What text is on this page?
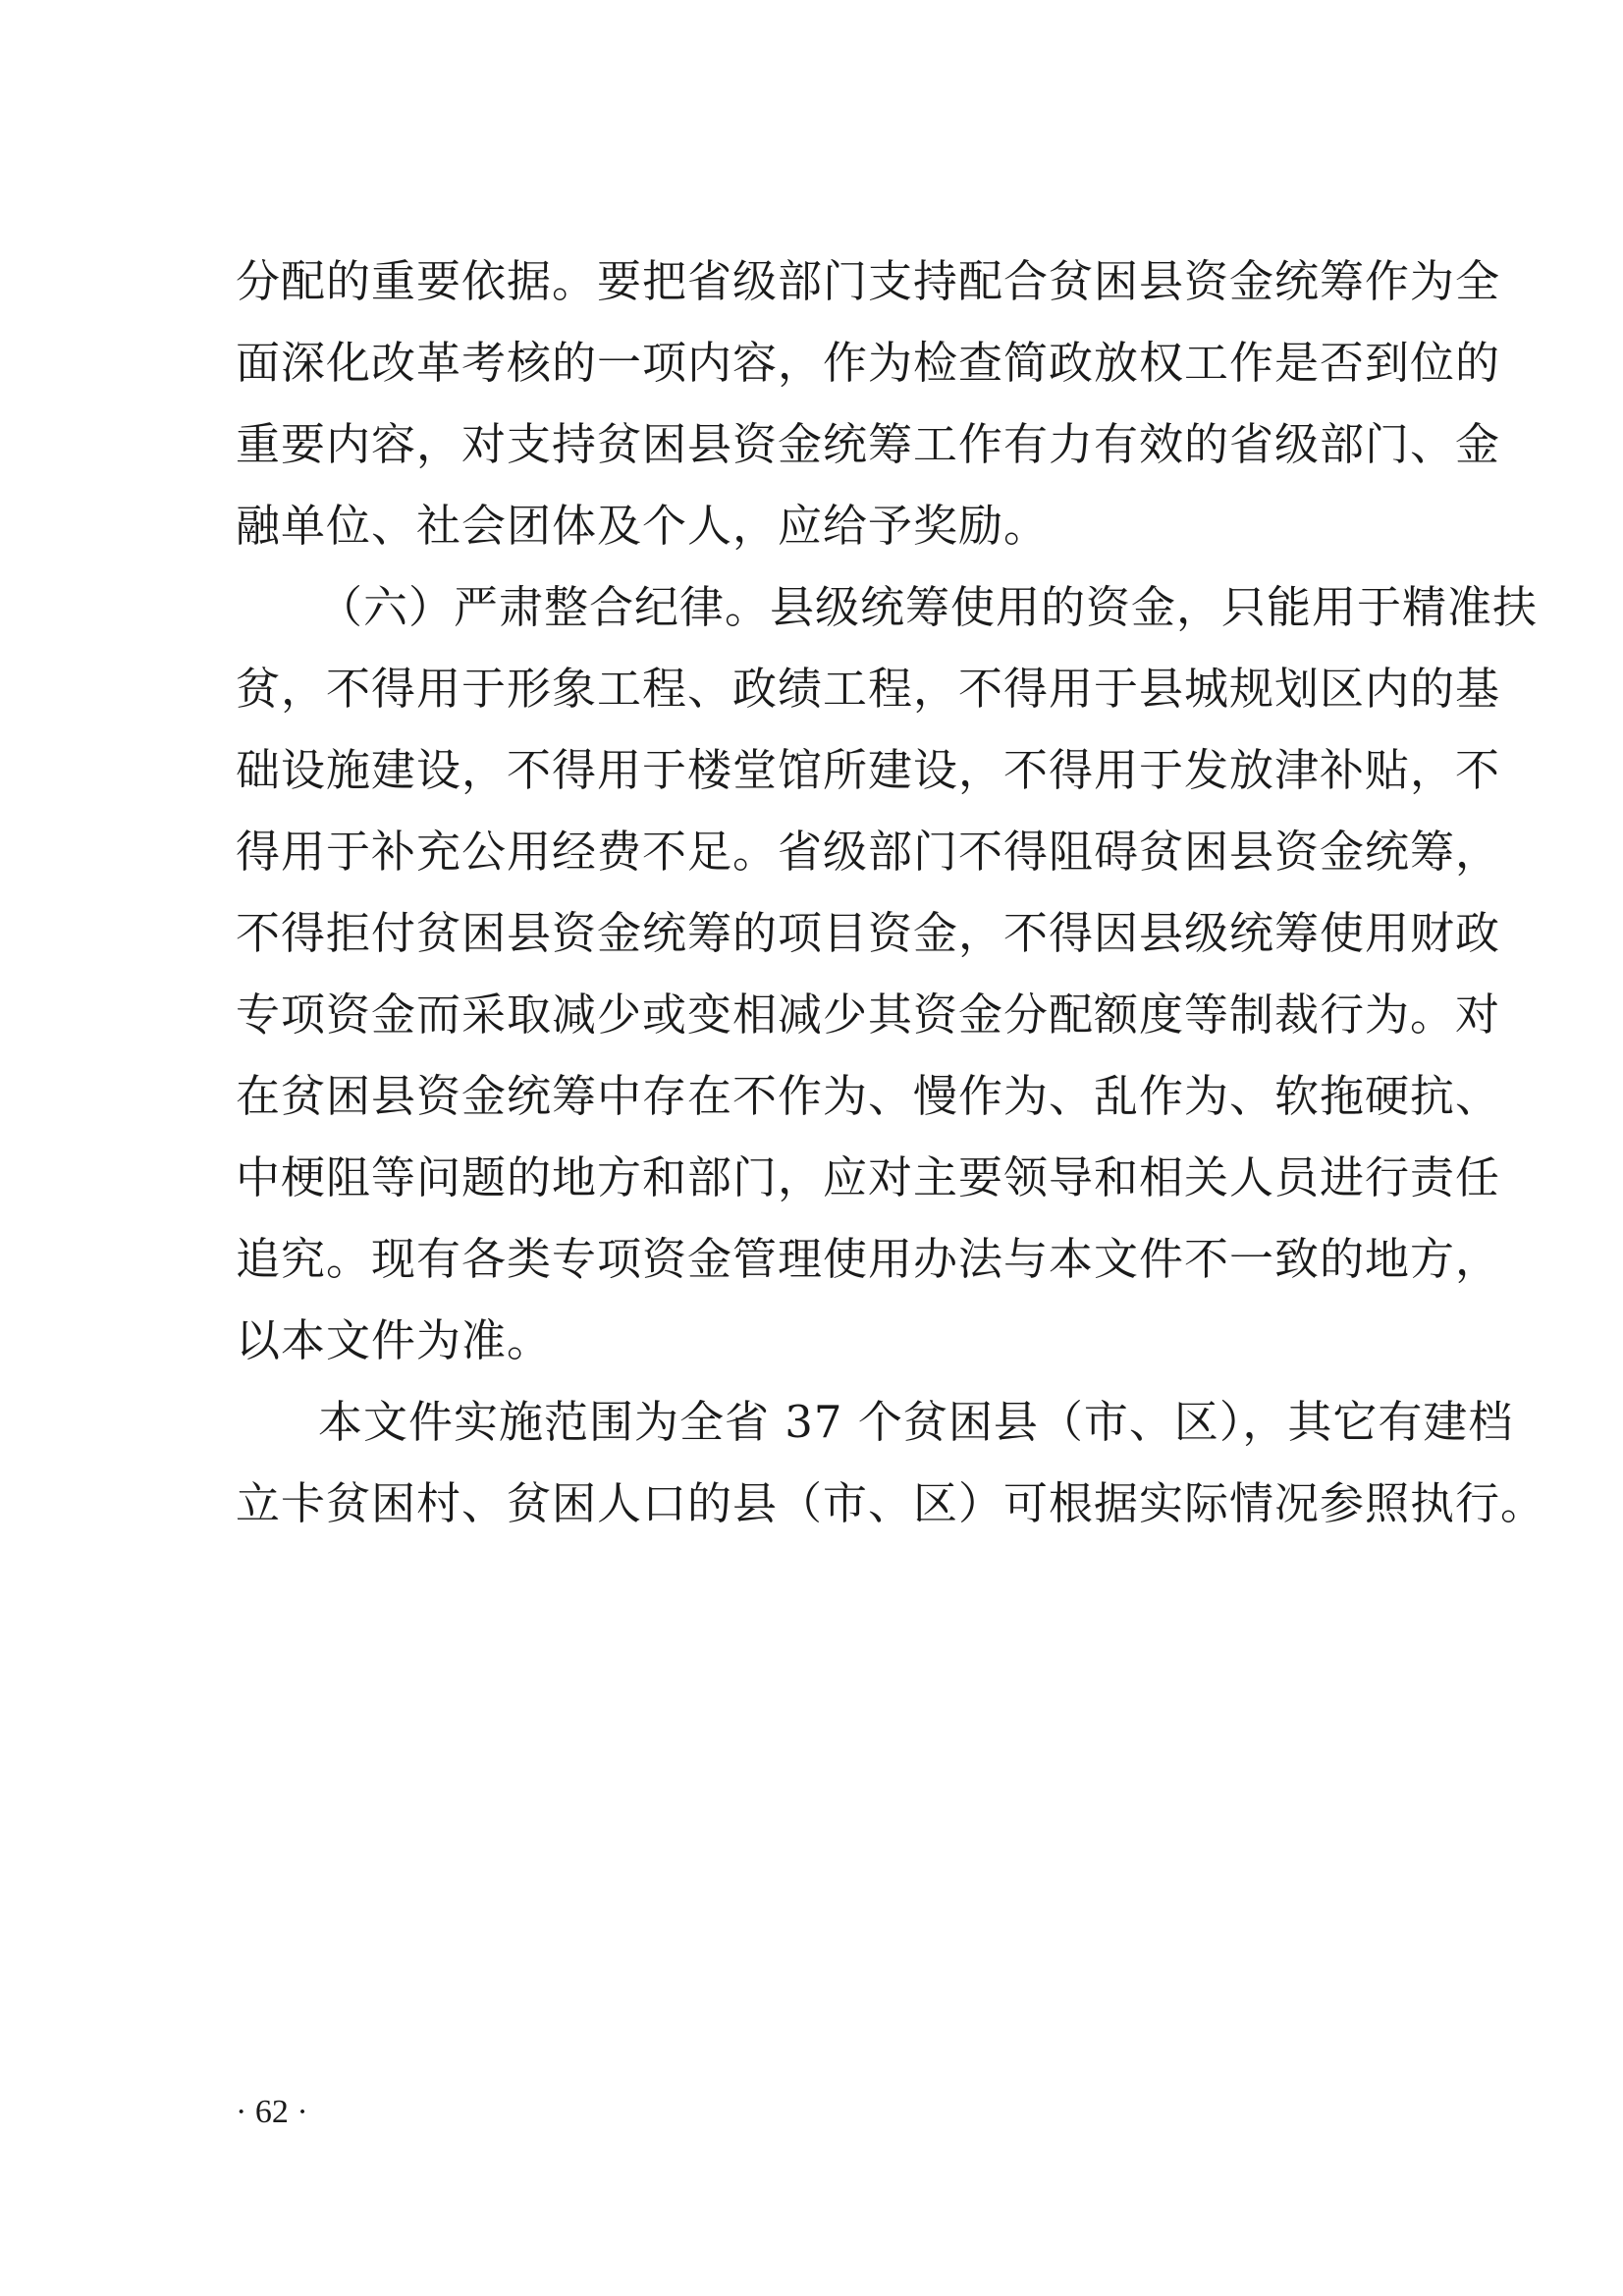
分配的重要依据。要把省级部门支持配合贫困县资金统筹作为全
面深化改革考核的一项内容，作为检查简政放权工作是否到位的
重要内容，对支持贫困县资金统筹工作有力有效的省级部门、金
融单位、社会团体及个人，应给予奖励。
（六）严肃整合纪律。县级统筹使用的资金，只能用于精准扶
贫，不得用于形象工程、政绩工程，不得用于县城规划区内的基
础设施建设，不得用于楼堂馆所建设，不得用于发放津补贴，不
得用于补充公用经费不足。省级部门不得阻碍贫困县资金统筹，
不得拒付贫困县资金统筹的项目资金，不得因县级统筹使用财政
专项资金而采取减少或变相减少其资金分配额度等制裁行为。对
在贫困县资金统筹中存在不作为、慢作为、乱作为、软拖硬抗、
中梗阻等问题的地方和部门，应对主要领导和相关人员进行责任
追究。现有各类专项资金管理使用办法与本文件不一致的地方，
以本文件为准。
本文件实施范围为全省 37 个贫困县（市、区），其它有建档
立卡贫困村、贫困人口的县（市、区）可根据实际情况参照执行。
· 62 ·
